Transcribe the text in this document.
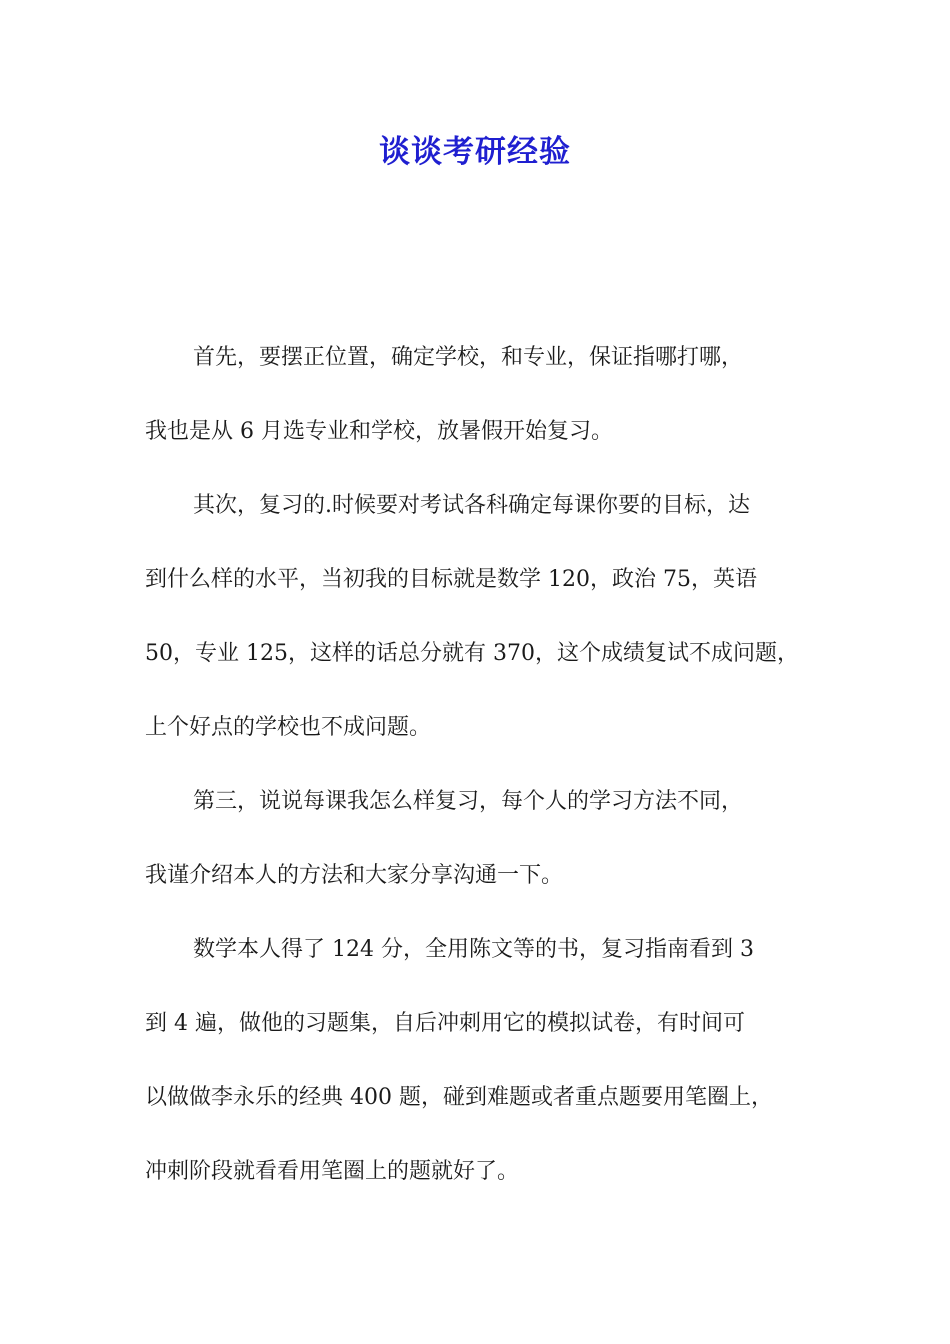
谈谈考研经验
首先，要摆正位置，确定学校，和专业，保证指哪打哪，
我也是从 6 月选专业和学校，放暑假开始复习。
其次，复习的.时候要对考试各科确定每课你要的目标，达
到什么样的水平，当初我的目标就是数学 120，政治 75，英语
50，专业 125，这样的话总分就有 370，这个成绩复试不成问题，
上个好点的学校也不成问题。
第三，说说每课我怎么样复习，每个人的学习方法不同，
我谨介绍本人的方法和大家分享沟通一下。
数学本人得了 124 分，全用陈文等的书，复习指南看到 3
到 4 遍，做他的习题集，自后冲刺用它的模拟试卷，有时间可
以做做李永乐的经典 400 题，碰到难题或者重点题要用笔圈上，
冲刺阶段就看看用笔圈上的题就好了。
